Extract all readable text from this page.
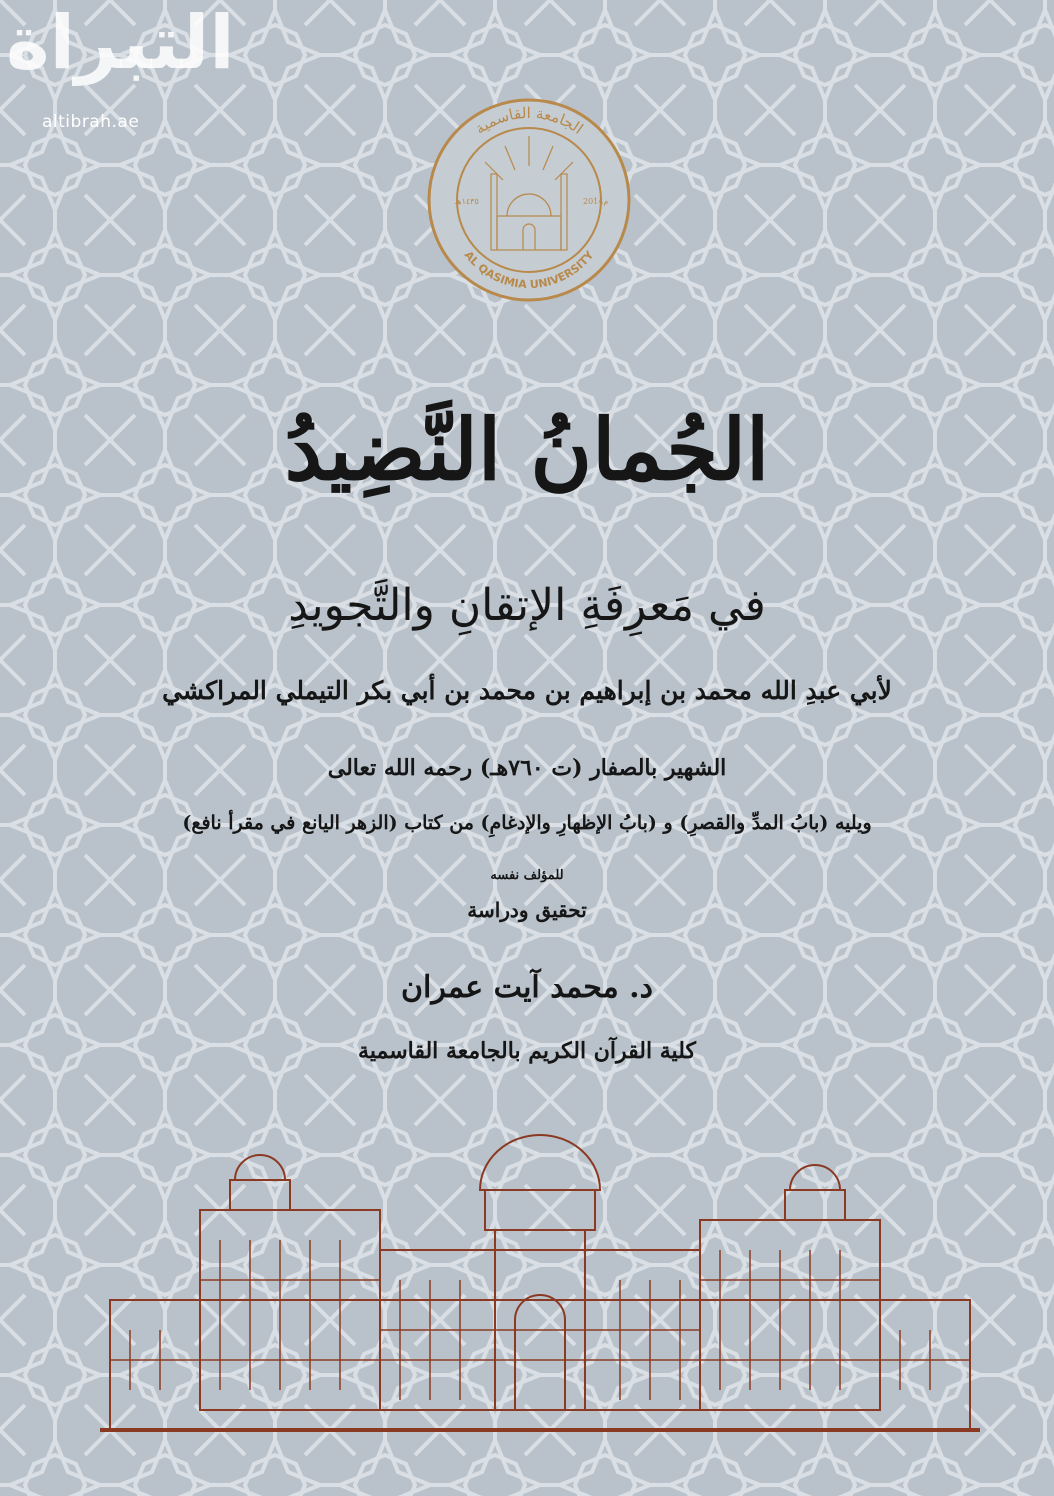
التبراة
altibrah.ae	الجامعة القاسمية
AL QASIMIA UNIVERSITY
١٤٣٥هـ	2014م
الجُمانُ النَّضِيدُ
في مَعرِفَةِ الإتقانِ والتَّجويدِ
لأبي عبدِ الله محمد بن إبراهيم بن محمد بن أبي بكر التيملي المراكشي
الشهير بالصفار (ت ٧٦٠هـ) رحمه الله تعالى
ويليه (بابُ المدِّ والقصرِ) و (بابُ الإظهارِ والإدغامِ) من كتاب (الزهر اليانع في مقرأ نافع)
للمؤلف نفسه
تحقيق ودراسة
د. محمد آيت عمران
كلية القرآن الكريم بالجامعة القاسمية
